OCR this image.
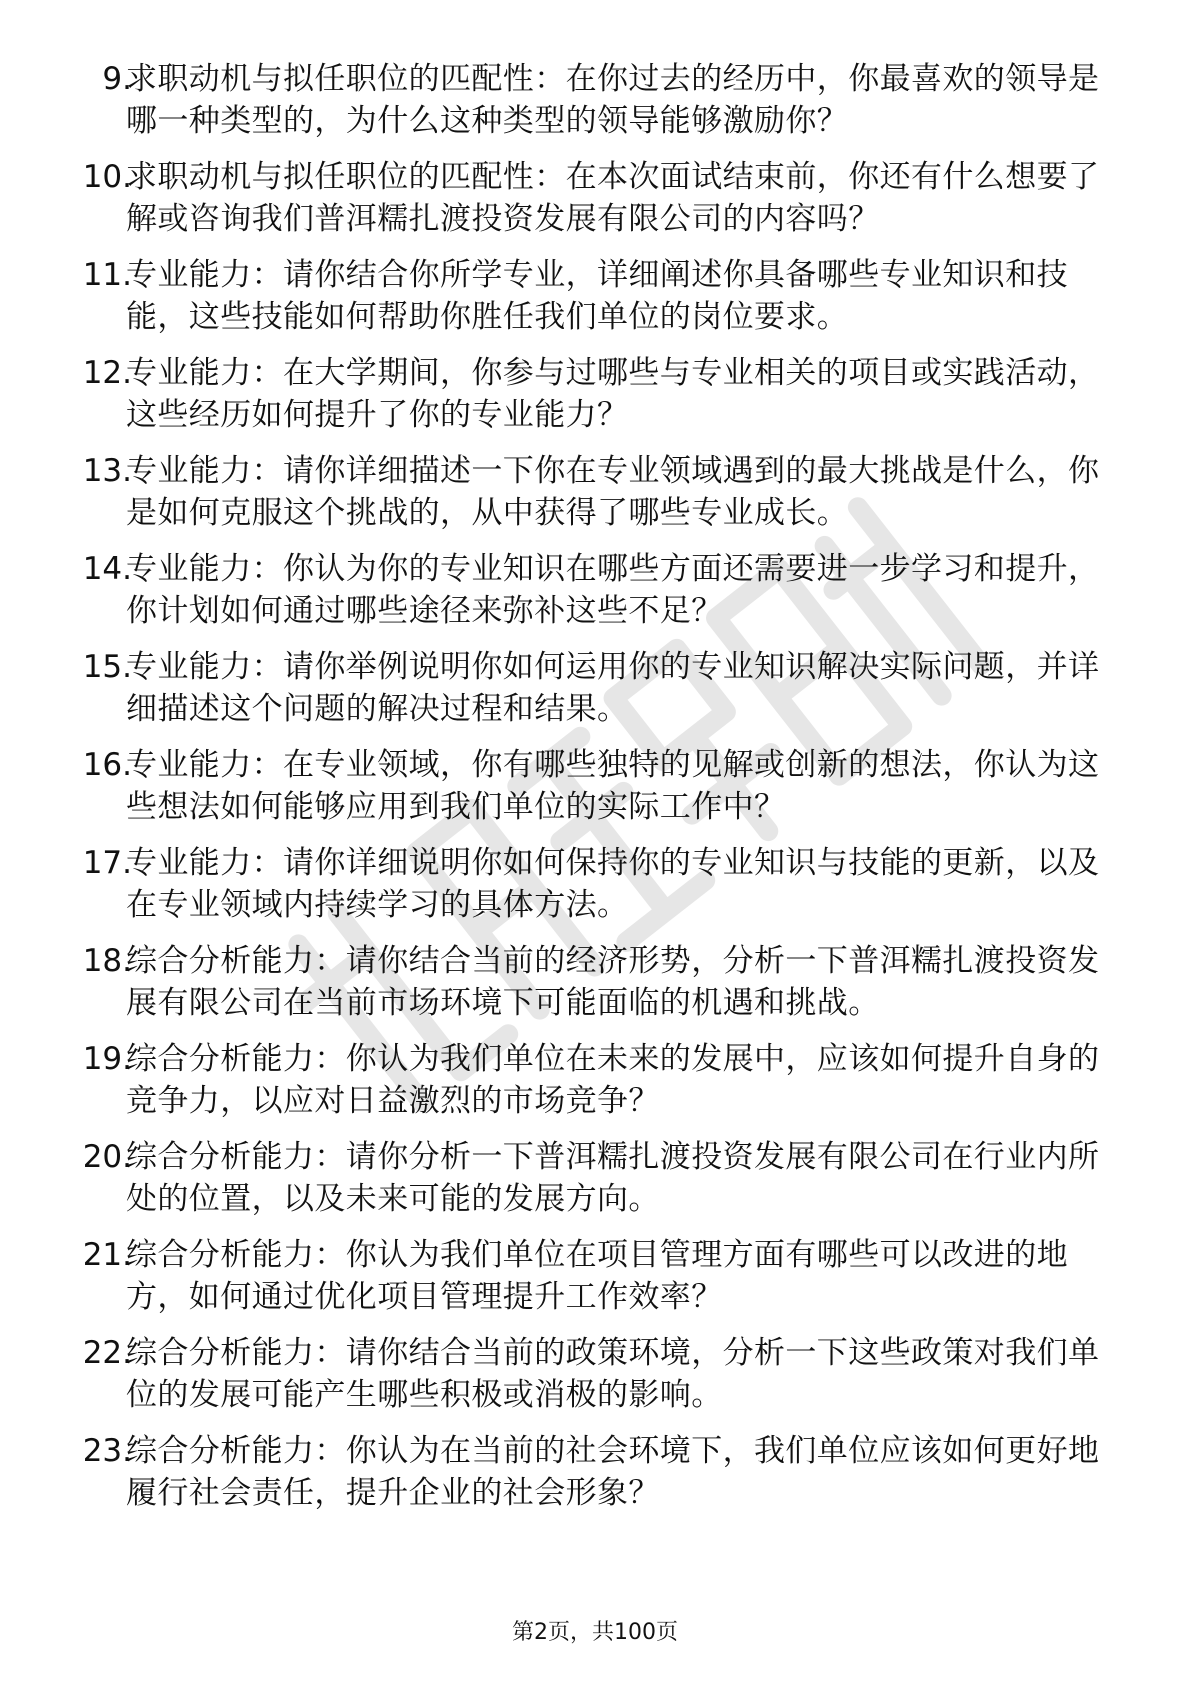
9.
求职动机与拟任职位的匹配性：在你过去的经历中，你最喜欢的领导是哪一种类型的，为什么这种类型的领导能够激励你？
10.
求职动机与拟任职位的匹配性：在本次面试结束前，你还有什么想要了解或咨询我们普洱糯扎渡投资发展有限公司的内容吗？
11.
专业能力：请你结合你所学专业，详细阐述你具备哪些专业知识和技能，这些技能如何帮助你胜任我们单位的岗位要求。
12.
专业能力：在大学期间，你参与过哪些与专业相关的项目或实践活动，这些经历如何提升了你的专业能力？
13.
专业能力：请你详细描述一下你在专业领域遇到的最大挑战是什么，你是如何克服这个挑战的，从中获得了哪些专业成长。
14.
专业能力：你认为你的专业知识在哪些方面还需要进一步学习和提升，你计划如何通过哪些途径来弥补这些不足？
15.
专业能力：请你举例说明你如何运用你的专业知识解决实际问题，并详细描述这个问题的解决过程和结果。
16.
专业能力：在专业领域，你有哪些独特的见解或创新的想法，你认为这些想法如何能够应用到我们单位的实际工作中？
17.
专业能力：请你详细说明你如何保持你的专业知识与技能的更新，以及在专业领域内持续学习的具体方法。
18.
综合分析能力：请你结合当前的经济形势，分析一下普洱糯扎渡投资发展有限公司在当前市场环境下可能面临的机遇和挑战。
19.
综合分析能力：你认为我们单位在未来的发展中，应该如何提升自身的竞争力，以应对日益激烈的市场竞争？
20.
综合分析能力：请你分析一下普洱糯扎渡投资发展有限公司在行业内所处的位置，以及未来可能的发展方向。
21.
综合分析能力：你认为我们单位在项目管理方面有哪些可以改进的地方，如何通过优化项目管理提升工作效率？
22.
综合分析能力：请你结合当前的政策环境，分析一下这些政策对我们单位的发展可能产生哪些积极或消极的影响。
23.
综合分析能力：你认为在当前的社会环境下，我们单位应该如何更好地履行社会责任，提升企业的社会形象？
第2页，共100页
